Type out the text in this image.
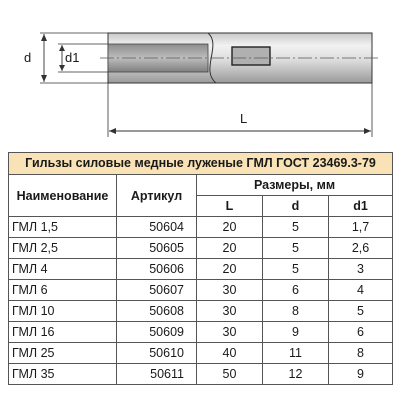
d	d1
L
Гильзы силовые медные луженые ГМЛ ГОСТ 23469.3-79				
Наименование	Артикул	Размеры, мм		
		L	d	d1
ГМЛ 1,5	50604	20	5	1,7
ГМЛ 2,5	50605	20	5	2,6
ГМЛ 4	50606	20	5	3
ГМЛ 6	50607	30	6	4
ГМЛ 10	50608	30	8	5
ГМЛ 16	50609	30	9	6
ГМЛ 25	50610	40	11	8
ГМЛ 35	50611	50	12	9
